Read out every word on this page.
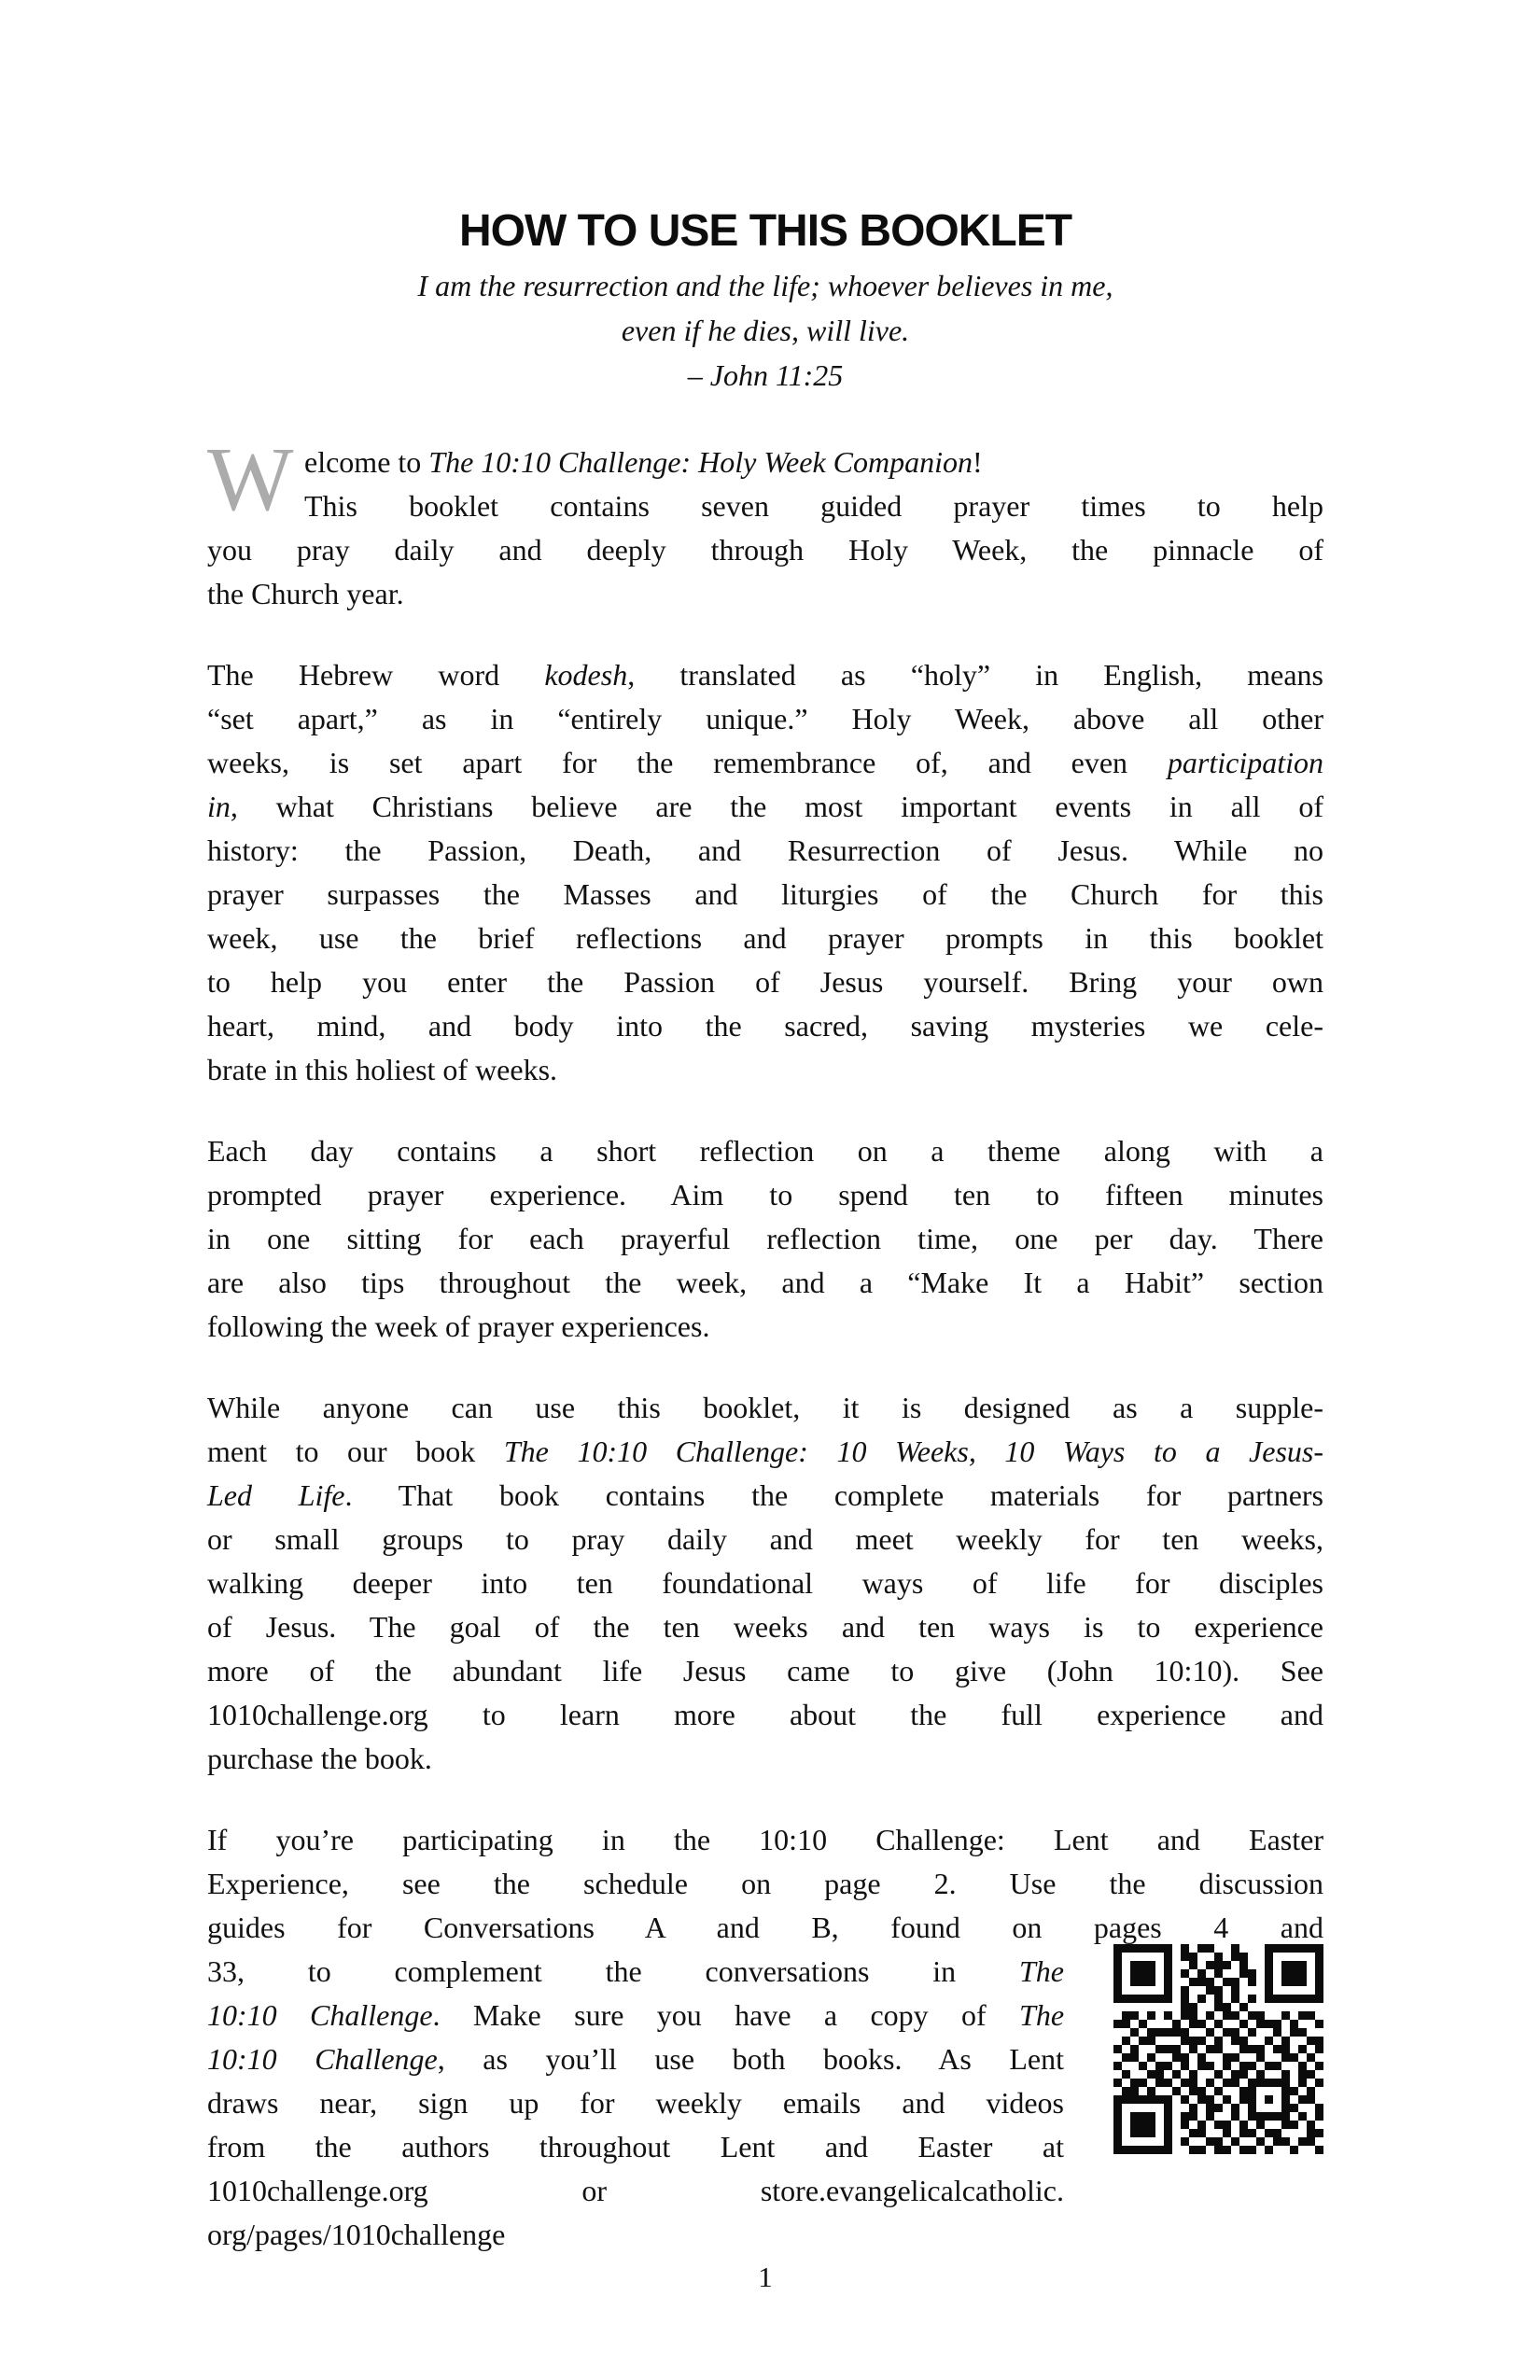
HOW TO USE THIS BOOKLET
I am the resurrection and the life; whoever believes in me,
even if he dies, will live.
– John 11:25
W elcome to The 10:10 Challenge: Holy Week Companion!
This booklet contains seven guided prayer times to help
you pray daily and deeply through Holy Week, the pinnacle of
the Church year.
The Hebrew word kodesh, translated as “holy” in English, means
“set apart,” as in “entirely unique.” Holy Week, above all other
weeks, is set apart for the remembrance of, and even participation
in, what Christians believe are the most important events in all of
history: the Passion, Death, and Resurrection of Jesus. While no
prayer surpasses the Masses and liturgies of the Church for this
week, use the brief reflections and prayer prompts in this booklet
to help you enter the Passion of Jesus yourself. Bring your own
heart, mind, and body into the sacred, saving mysteries we cele-
brate in this holiest of weeks.
Each day contains a short reflection on a theme along with a
prompted prayer experience. Aim to spend ten to fifteen minutes
in one sitting for each prayerful reflection time, one per day. There
are also tips throughout the week, and a “Make It a Habit” section
following the week of prayer experiences.
While anyone can use this booklet, it is designed as a supple-
ment to our book The 10:10 Challenge: 10 Weeks, 10 Ways to a Jesus-
Led Life. That book contains the complete materials for partners
or small groups to pray daily and meet weekly for ten weeks,
walking deeper into ten foundational ways of life for disciples
of Jesus. The goal of the ten weeks and ten ways is to experience
more of the abundant life Jesus came to give (John 10:10). See
1010challenge.org to learn more about the full experience and
purchase the book.
If you’re participating in the 10:10 Challenge: Lent and Easter
Experience, see the schedule on page 2. Use the discussion
guides for Conversations A and B, found on pages 4 and
33, to complement the conversations in The
10:10 Challenge. Make sure you have a copy of The
10:10 Challenge, as you’ll use both books. As Lent
draws near, sign up for weekly emails and videos
from the authors throughout Lent and Easter at
1010challenge.org or store.evangelicalcatholic.
org/pages/1010challenge
1
